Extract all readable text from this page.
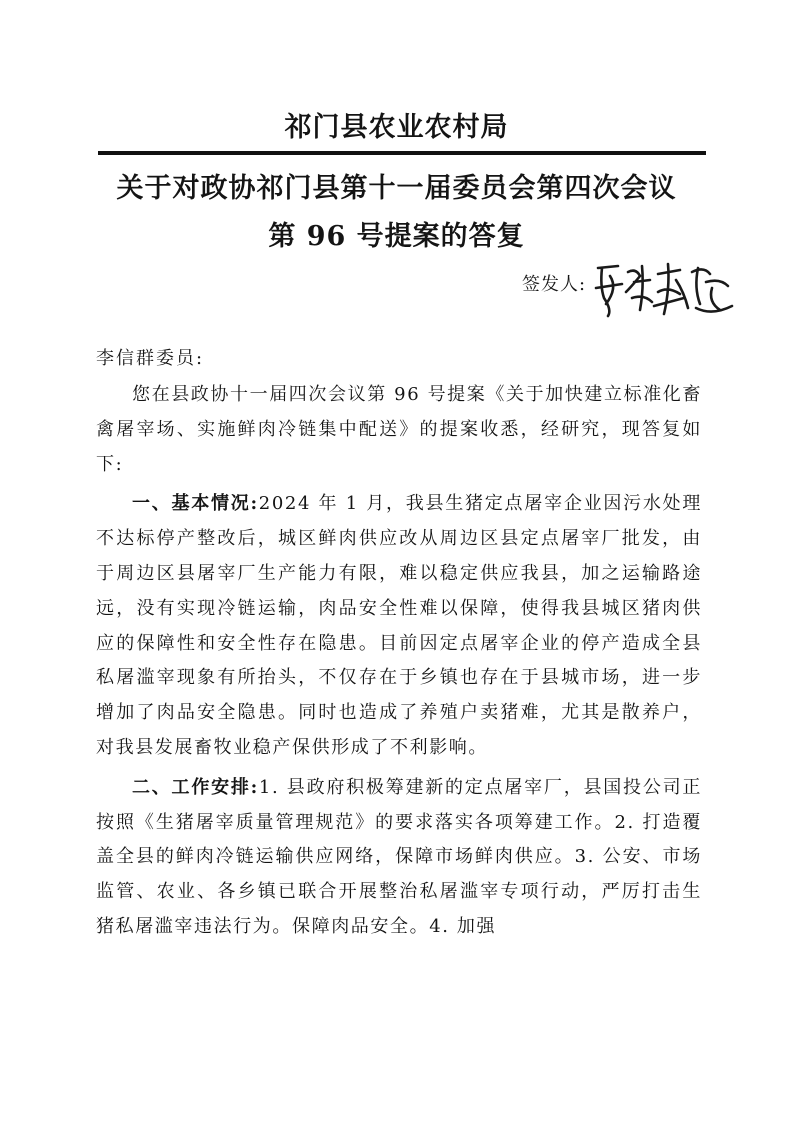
祁门县农业农村局
关于对政协祁门县第十一届委员会第四次会议
第 96 号提案的答复
签发人:
李信群委员:

您在县政协十一届四次会议第 96 号提案《关于加快建立标准化畜禽屠宰场、实施鲜肉冷链集中配送》的提案收悉，经研究，现答复如下:

一、基本情况:2024 年 1 月，我县生猪定点屠宰企业因污水处理不达标停产整改后，城区鲜肉供应改从周边区县定点屠宰厂批发，由于周边区县屠宰厂生产能力有限，难以稳定供应我县，加之运输路途远，没有实现冷链运输，肉品安全性难以保障，使得我县城区猪肉供应的保障性和安全性存在隐患。目前因定点屠宰企业的停产造成全县私屠滥宰现象有所抬头，不仅存在于乡镇也存在于县城市场，进一步增加了肉品安全隐患。同时也造成了养殖户卖猪难，尤其是散养户，对我县发展畜牧业稳产保供形成了不利影响。

二、工作安排:1. 县政府积极筹建新的定点屠宰厂，县国投公司正按照《生猪屠宰质量管理规范》的要求落实各项筹建工作。2. 打造覆盖全县的鲜肉冷链运输供应网络，保障市场鲜肉供应。3. 公安、市场监管、农业、各乡镇已联合开展整治私屠滥宰专项行动，严厉打击生猪私屠滥宰违法行为。保障肉品安全。4. 加强
